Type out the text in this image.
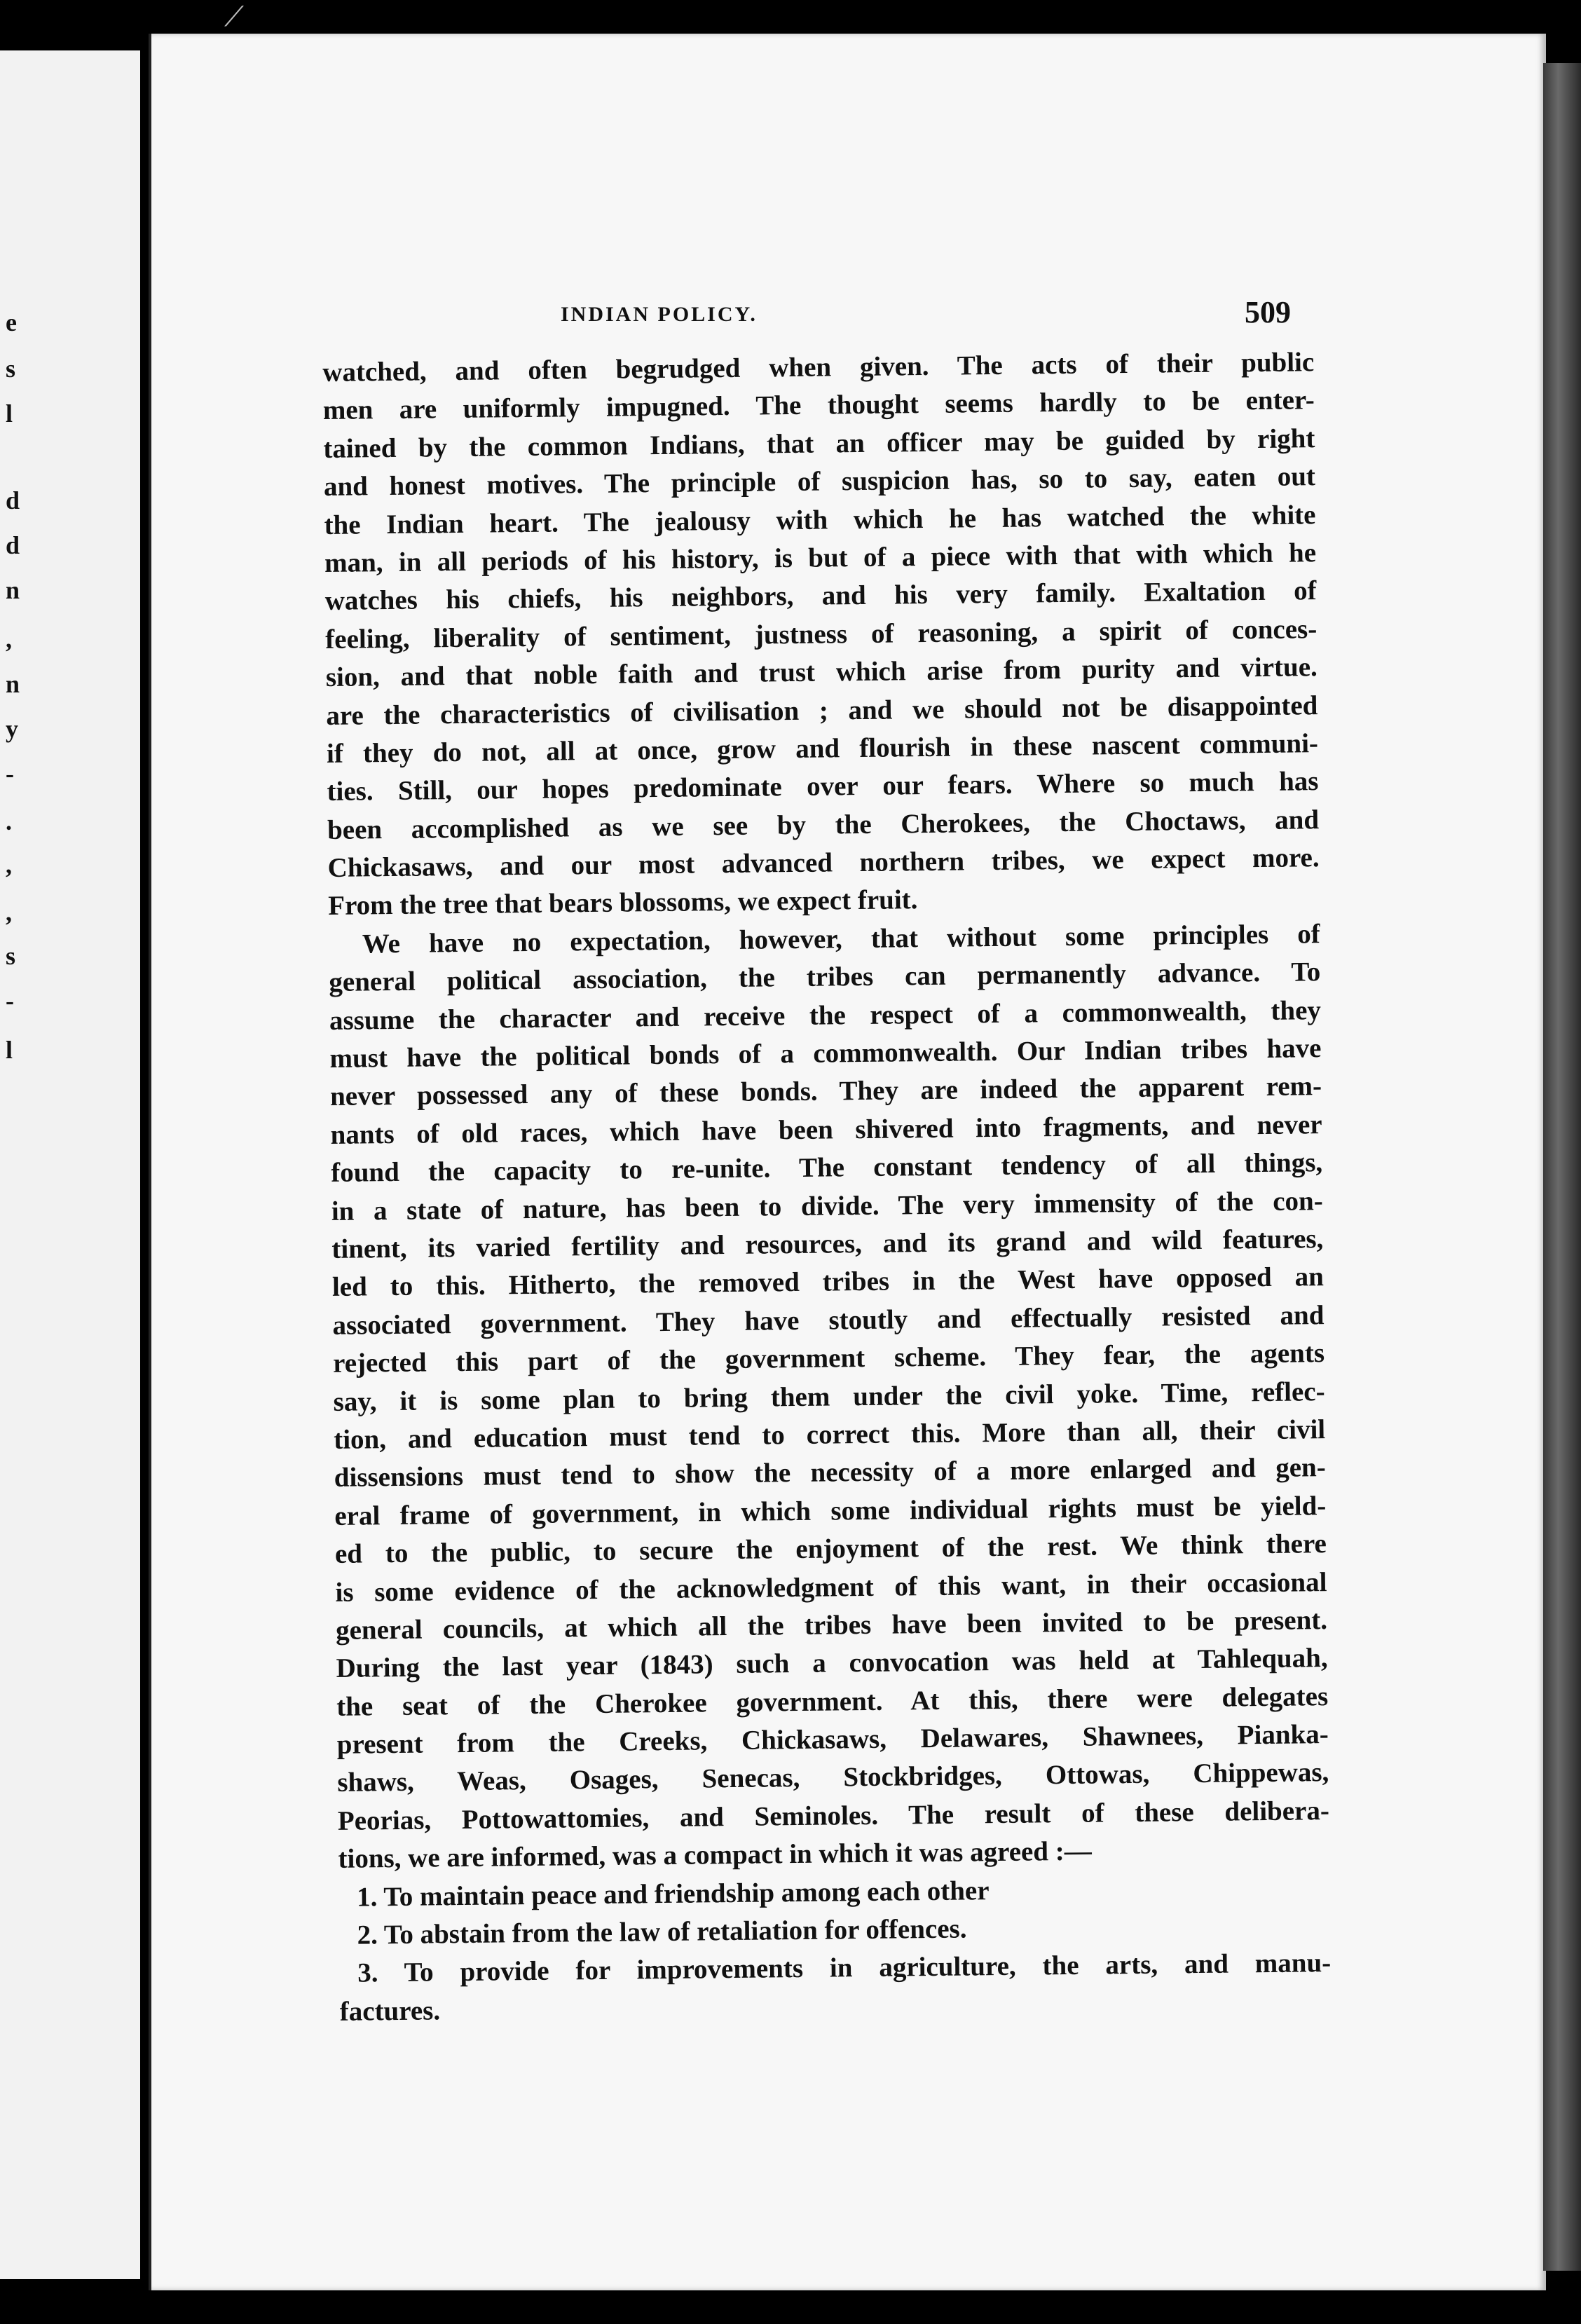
⟋
e
s
l
d
d
n
,
n
y
-
.
,
,
s
-
l
INDIAN POLICY.	509
watched, and often begrudged when given. The acts of their public
men are uniformly impugned. The thought seems hardly to be enter-
tained by the common Indians, that an officer may be guided by right
and honest motives. The principle of suspicion has, so to say, eaten out
the Indian heart. The jealousy with which he has watched the white
man, in all periods of his history, is but of a piece with that with which he
watches his chiefs, his neighbors, and his very family. Exaltation of
feeling, liberality of sentiment, justness of reasoning, a spirit of conces-
sion, and that noble faith and trust which arise from purity and virtue.
are the characteristics of civilisation ; and we should not be disappointed
if they do not, all at once, grow and flourish in these nascent communi-
ties. Still, our hopes predominate over our fears. Where so much has
been accomplished as we see by the Cherokees, the Choctaws, and
Chickasaws, and our most advanced northern tribes, we expect more.
From the tree that bears blossoms, we expect fruit.
We have no expectation, however, that without some principles of
general political association, the tribes can permanently advance. To
assume the character and receive the respect of a commonwealth, they
must have the political bonds of a commonwealth. Our Indian tribes have
never possessed any of these bonds. They are indeed the apparent rem-
nants of old races, which have been shivered into fragments, and never
found the capacity to re-unite. The constant tendency of all things,
in a state of nature, has been to divide. The very immensity of the con-
tinent, its varied fertility and resources, and its grand and wild features,
led to this. Hitherto, the removed tribes in the West have opposed an
associated government. They have stoutly and effectually resisted and
rejected this part of the government scheme. They fear, the agents
say, it is some plan to bring them under the civil yoke. Time, reflec-
tion, and education must tend to correct this. More than all, their civil
dissensions must tend to show the necessity of a more enlarged and gen-
eral frame of government, in which some individual rights must be yield-
ed to the public, to secure the enjoyment of the rest. We think there
is some evidence of the acknowledgment of this want, in their occasional
general councils, at which all the tribes have been invited to be present.
During the last year (1843) such a convocation was held at Tahlequah,
the seat of the Cherokee government. At this, there were delegates
present from the Creeks, Chickasaws, Delawares, Shawnees, Pianka-
shaws, Weas, Osages, Senecas, Stockbridges, Ottowas, Chippewas,
Peorias, Pottowattomies, and Seminoles. The result of these delibera-
tions, we are informed, was a compact in which it was agreed :—
1. To maintain peace and friendship among each other
2. To abstain from the law of retaliation for offences.
3. To provide for improvements in agriculture, the arts, and manu-
factures.
